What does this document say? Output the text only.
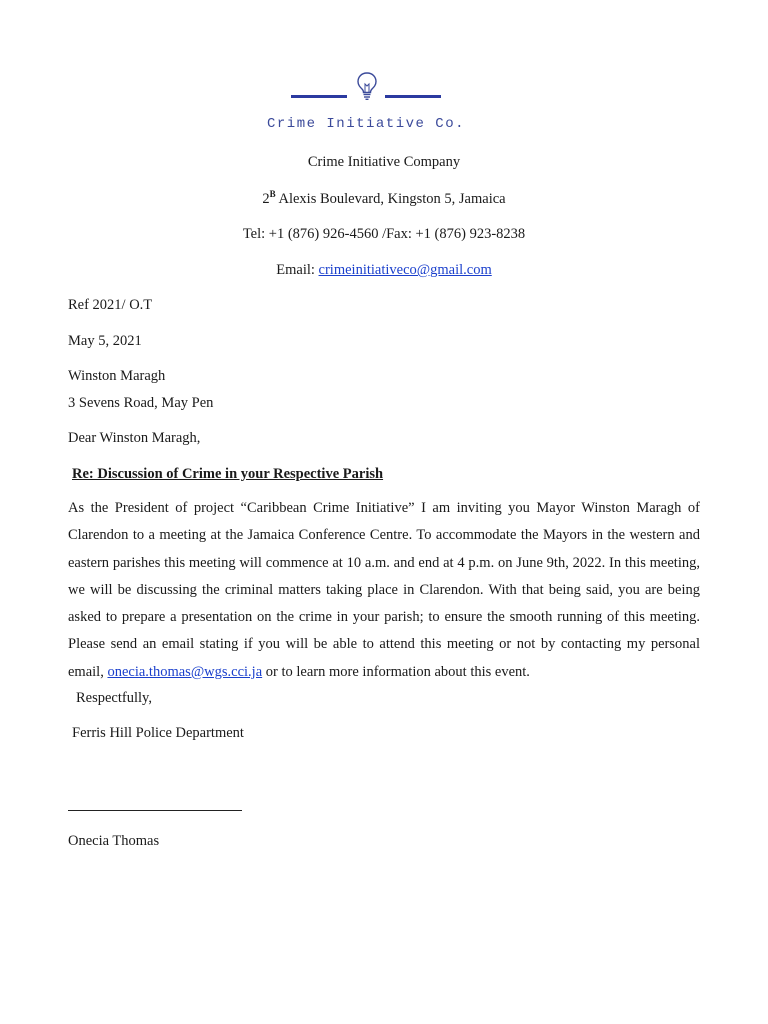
Crime Initiative Co.
Crime Initiative Company
$2^B$ Alexis Boulevard, Kingston 5, Jamaica
Tel: +1 (876) 926-4560 /Fax: +1 (876) 923-8238
Email: crimeinitiativeco@gmail.com
Ref 2021/ O.T
May 5, 2021
Winston Maragh
3 Sevens Road, May Pen
Dear Winston Maragh,
Re: Discussion of Crime in your Respective Parish

As the President of project “Caribbean Crime Initiative” I am inviting you Mayor Winston Maragh of Clarendon to a meeting at the Jamaica Conference Centre. To accommodate the Mayors in the western and eastern parishes this meeting will commence at 10 a.m. and end at 4 p.m. on June 9th, 2022. In this meeting, we will be discussing the criminal matters taking place in Clarendon. With that being said, you are being asked to prepare a presentation on the crime in your parish; to ensure the smooth running of this meeting. Please send an email stating if you will be able to attend this meeting or not by contacting my personal email, onecia.thomas@wgs.cci.ja or to learn more information about this event.

Respectfully,
Ferris Hill Police Department
Onecia Thomas
